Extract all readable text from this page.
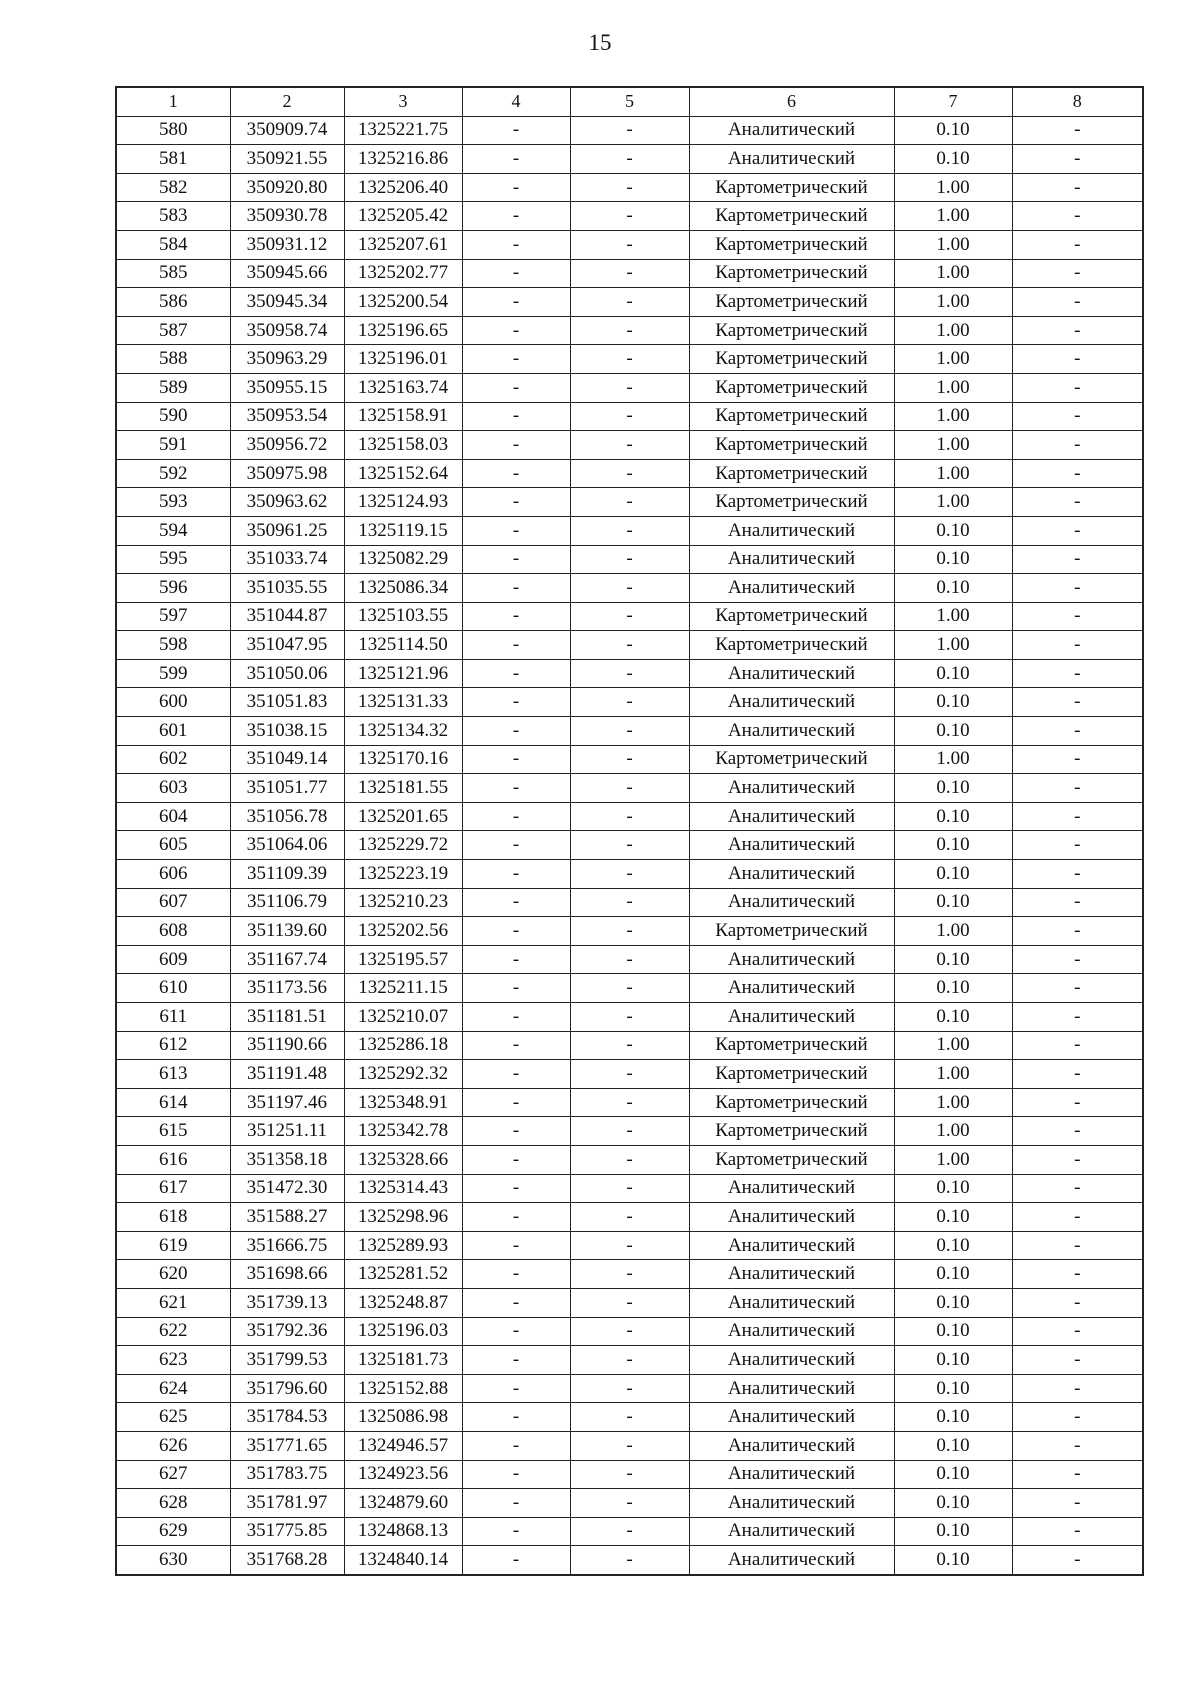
15
1	2	3	4	5	6	7	8
580	350909.74	1325221.75	-	-	Аналитический	0.10	-
581	350921.55	1325216.86	-	-	Аналитический	0.10	-
582	350920.80	1325206.40	-	-	Картометрический	1.00	-
583	350930.78	1325205.42	-	-	Картометрический	1.00	-
584	350931.12	1325207.61	-	-	Картометрический	1.00	-
585	350945.66	1325202.77	-	-	Картометрический	1.00	-
586	350945.34	1325200.54	-	-	Картометрический	1.00	-
587	350958.74	1325196.65	-	-	Картометрический	1.00	-
588	350963.29	1325196.01	-	-	Картометрический	1.00	-
589	350955.15	1325163.74	-	-	Картометрический	1.00	-
590	350953.54	1325158.91	-	-	Картометрический	1.00	-
591	350956.72	1325158.03	-	-	Картометрический	1.00	-
592	350975.98	1325152.64	-	-	Картометрический	1.00	-
593	350963.62	1325124.93	-	-	Картометрический	1.00	-
594	350961.25	1325119.15	-	-	Аналитический	0.10	-
595	351033.74	1325082.29	-	-	Аналитический	0.10	-
596	351035.55	1325086.34	-	-	Аналитический	0.10	-
597	351044.87	1325103.55	-	-	Картометрический	1.00	-
598	351047.95	1325114.50	-	-	Картометрический	1.00	-
599	351050.06	1325121.96	-	-	Аналитический	0.10	-
600	351051.83	1325131.33	-	-	Аналитический	0.10	-
601	351038.15	1325134.32	-	-	Аналитический	0.10	-
602	351049.14	1325170.16	-	-	Картометрический	1.00	-
603	351051.77	1325181.55	-	-	Аналитический	0.10	-
604	351056.78	1325201.65	-	-	Аналитический	0.10	-
605	351064.06	1325229.72	-	-	Аналитический	0.10	-
606	351109.39	1325223.19	-	-	Аналитический	0.10	-
607	351106.79	1325210.23	-	-	Аналитический	0.10	-
608	351139.60	1325202.56	-	-	Картометрический	1.00	-
609	351167.74	1325195.57	-	-	Аналитический	0.10	-
610	351173.56	1325211.15	-	-	Аналитический	0.10	-
611	351181.51	1325210.07	-	-	Аналитический	0.10	-
612	351190.66	1325286.18	-	-	Картометрический	1.00	-
613	351191.48	1325292.32	-	-	Картометрический	1.00	-
614	351197.46	1325348.91	-	-	Картометрический	1.00	-
615	351251.11	1325342.78	-	-	Картометрический	1.00	-
616	351358.18	1325328.66	-	-	Картометрический	1.00	-
617	351472.30	1325314.43	-	-	Аналитический	0.10	-
618	351588.27	1325298.96	-	-	Аналитический	0.10	-
619	351666.75	1325289.93	-	-	Аналитический	0.10	-
620	351698.66	1325281.52	-	-	Аналитический	0.10	-
621	351739.13	1325248.87	-	-	Аналитический	0.10	-
622	351792.36	1325196.03	-	-	Аналитический	0.10	-
623	351799.53	1325181.73	-	-	Аналитический	0.10	-
624	351796.60	1325152.88	-	-	Аналитический	0.10	-
625	351784.53	1325086.98	-	-	Аналитический	0.10	-
626	351771.65	1324946.57	-	-	Аналитический	0.10	-
627	351783.75	1324923.56	-	-	Аналитический	0.10	-
628	351781.97	1324879.60	-	-	Аналитический	0.10	-
629	351775.85	1324868.13	-	-	Аналитический	0.10	-
630	351768.28	1324840.14	-	-	Аналитический	0.10	-
